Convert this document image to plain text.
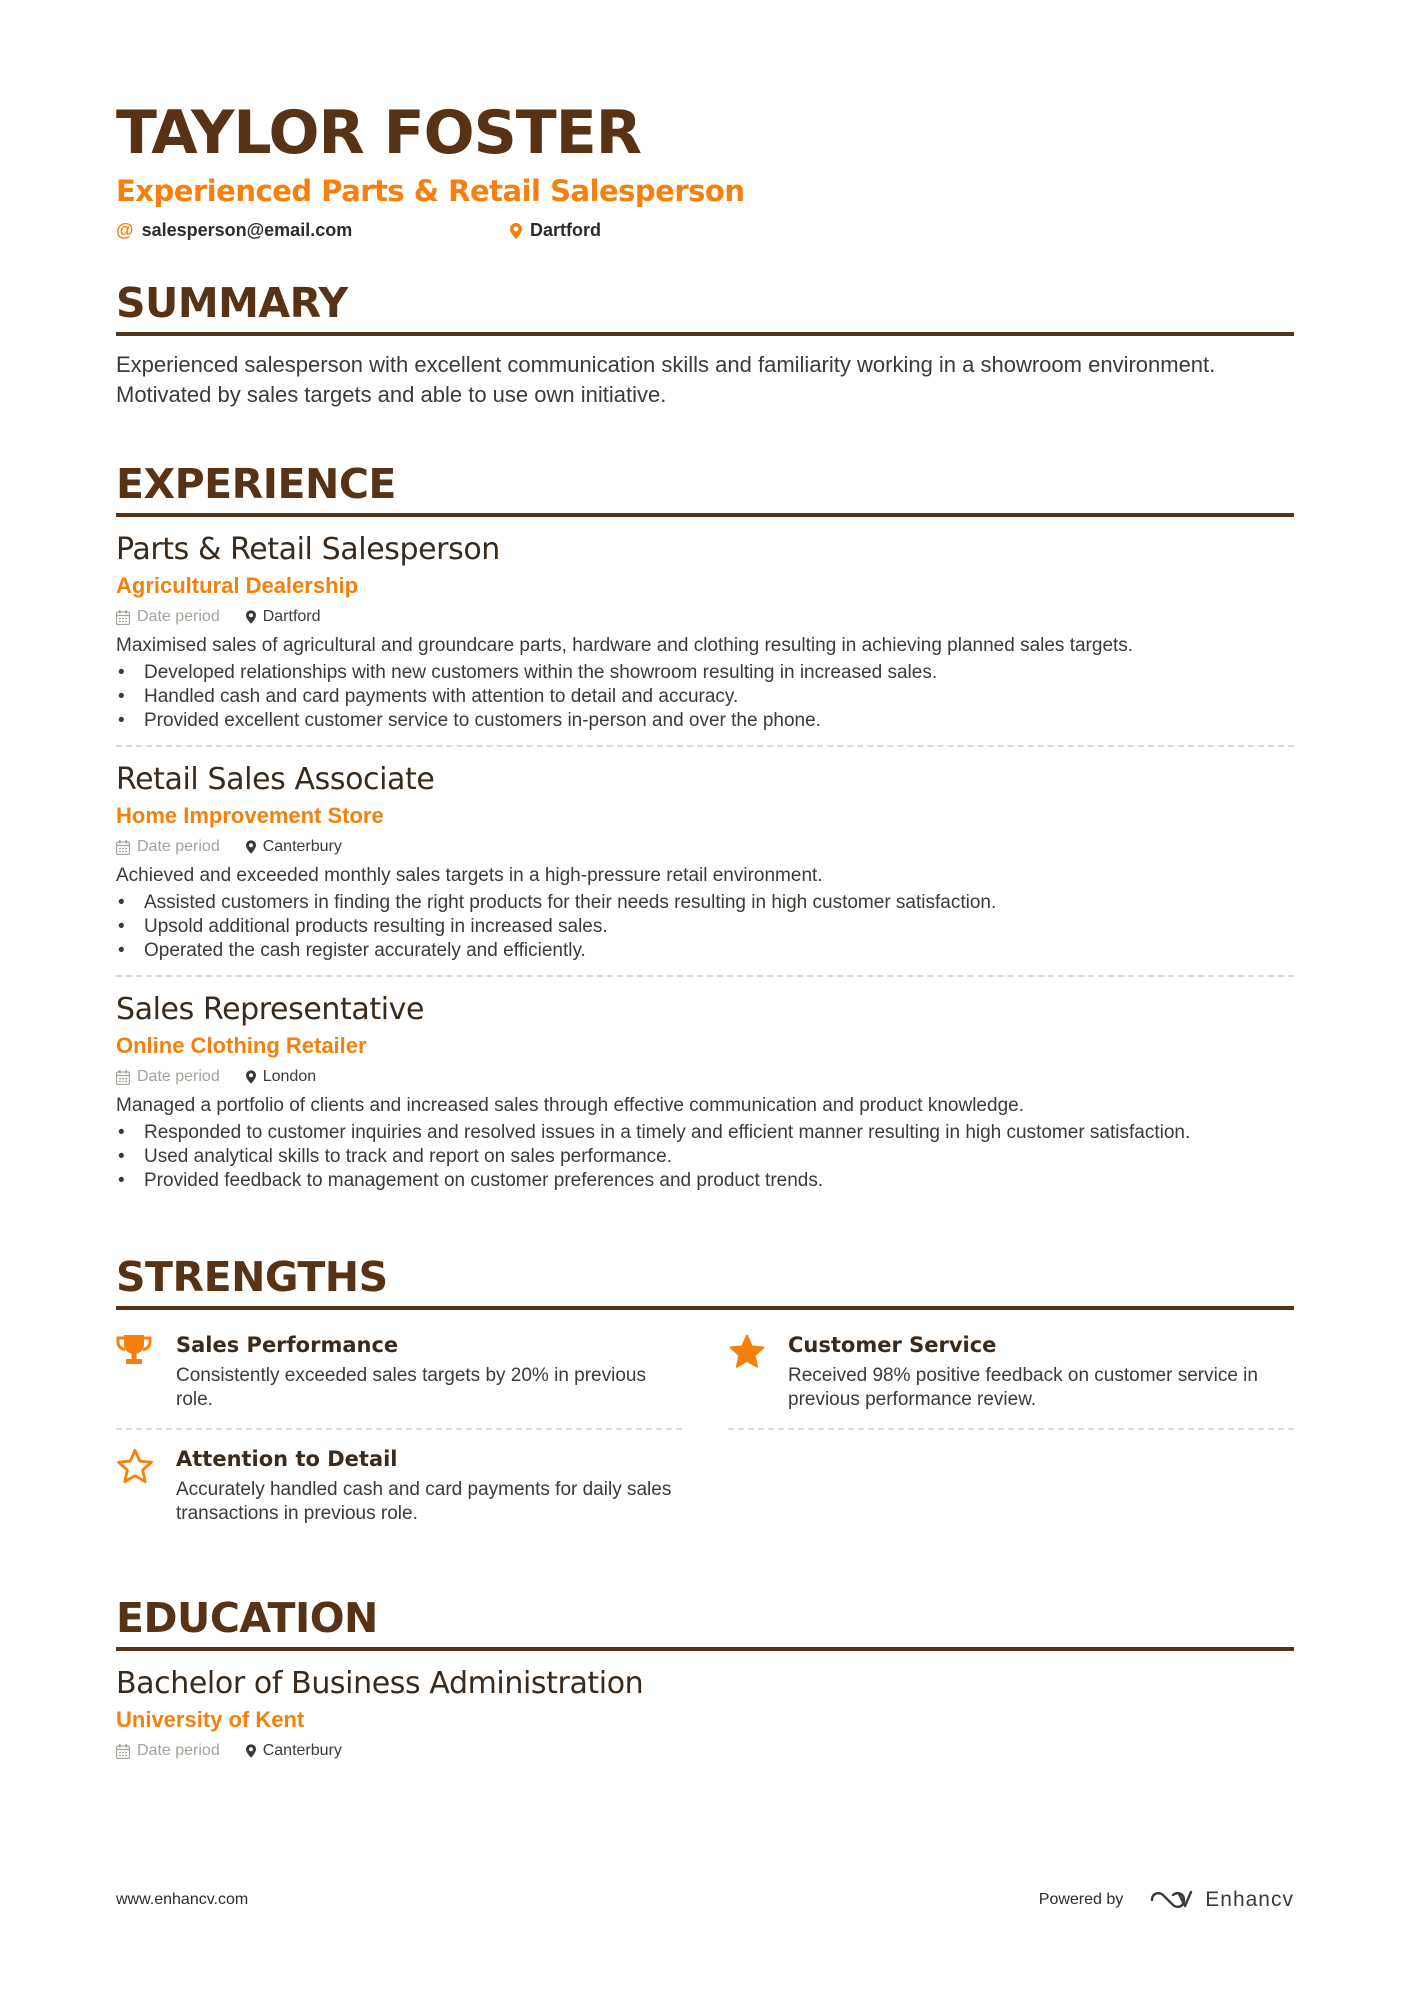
TAYLOR FOSTER
Experienced Parts & Retail Salesperson
@ salesperson@email.com	Dartford
SUMMARY
Experienced salesperson with excellent communication skills and familiarity working in a showroom environment. Motivated by sales targets and able to use own initiative.
EXPERIENCE
Parts & Retail Salesperson
Agricultural Dealership
Date period	Dartford
Maximised sales of agricultural and groundcare parts, hardware and clothing resulting in achieving planned sales targets.
• Developed relationships with new customers within the showroom resulting in increased sales.
• Handled cash and card payments with attention to detail and accuracy.
• Provided excellent customer service to customers in-person and over the phone.
Retail Sales Associate
Home Improvement Store
Date period	Canterbury
Achieved and exceeded monthly sales targets in a high-pressure retail environment.
• Assisted customers in finding the right products for their needs resulting in high customer satisfaction.
• Upsold additional products resulting in increased sales.
• Operated the cash register accurately and efficiently.
Sales Representative
Online Clothing Retailer
Date period	London
Managed a portfolio of clients and increased sales through effective communication and product knowledge.
• Responded to customer inquiries and resolved issues in a timely and efficient manner resulting in high customer satisfaction.
• Used analytical skills to track and report on sales performance.
• Provided feedback to management on customer preferences and product trends.
STRENGTHS
Sales Performance
Consistently exceeded sales targets by 20% in previous role.
Customer Service
Received 98% positive feedback on customer service in previous performance review.
Attention to Detail
Accurately handled cash and card payments for daily sales transactions in previous role.
EDUCATION
Bachelor of Business Administration
University of Kent
Date period	Canterbury
www.enhancv.com	Powered by	Enhancv
